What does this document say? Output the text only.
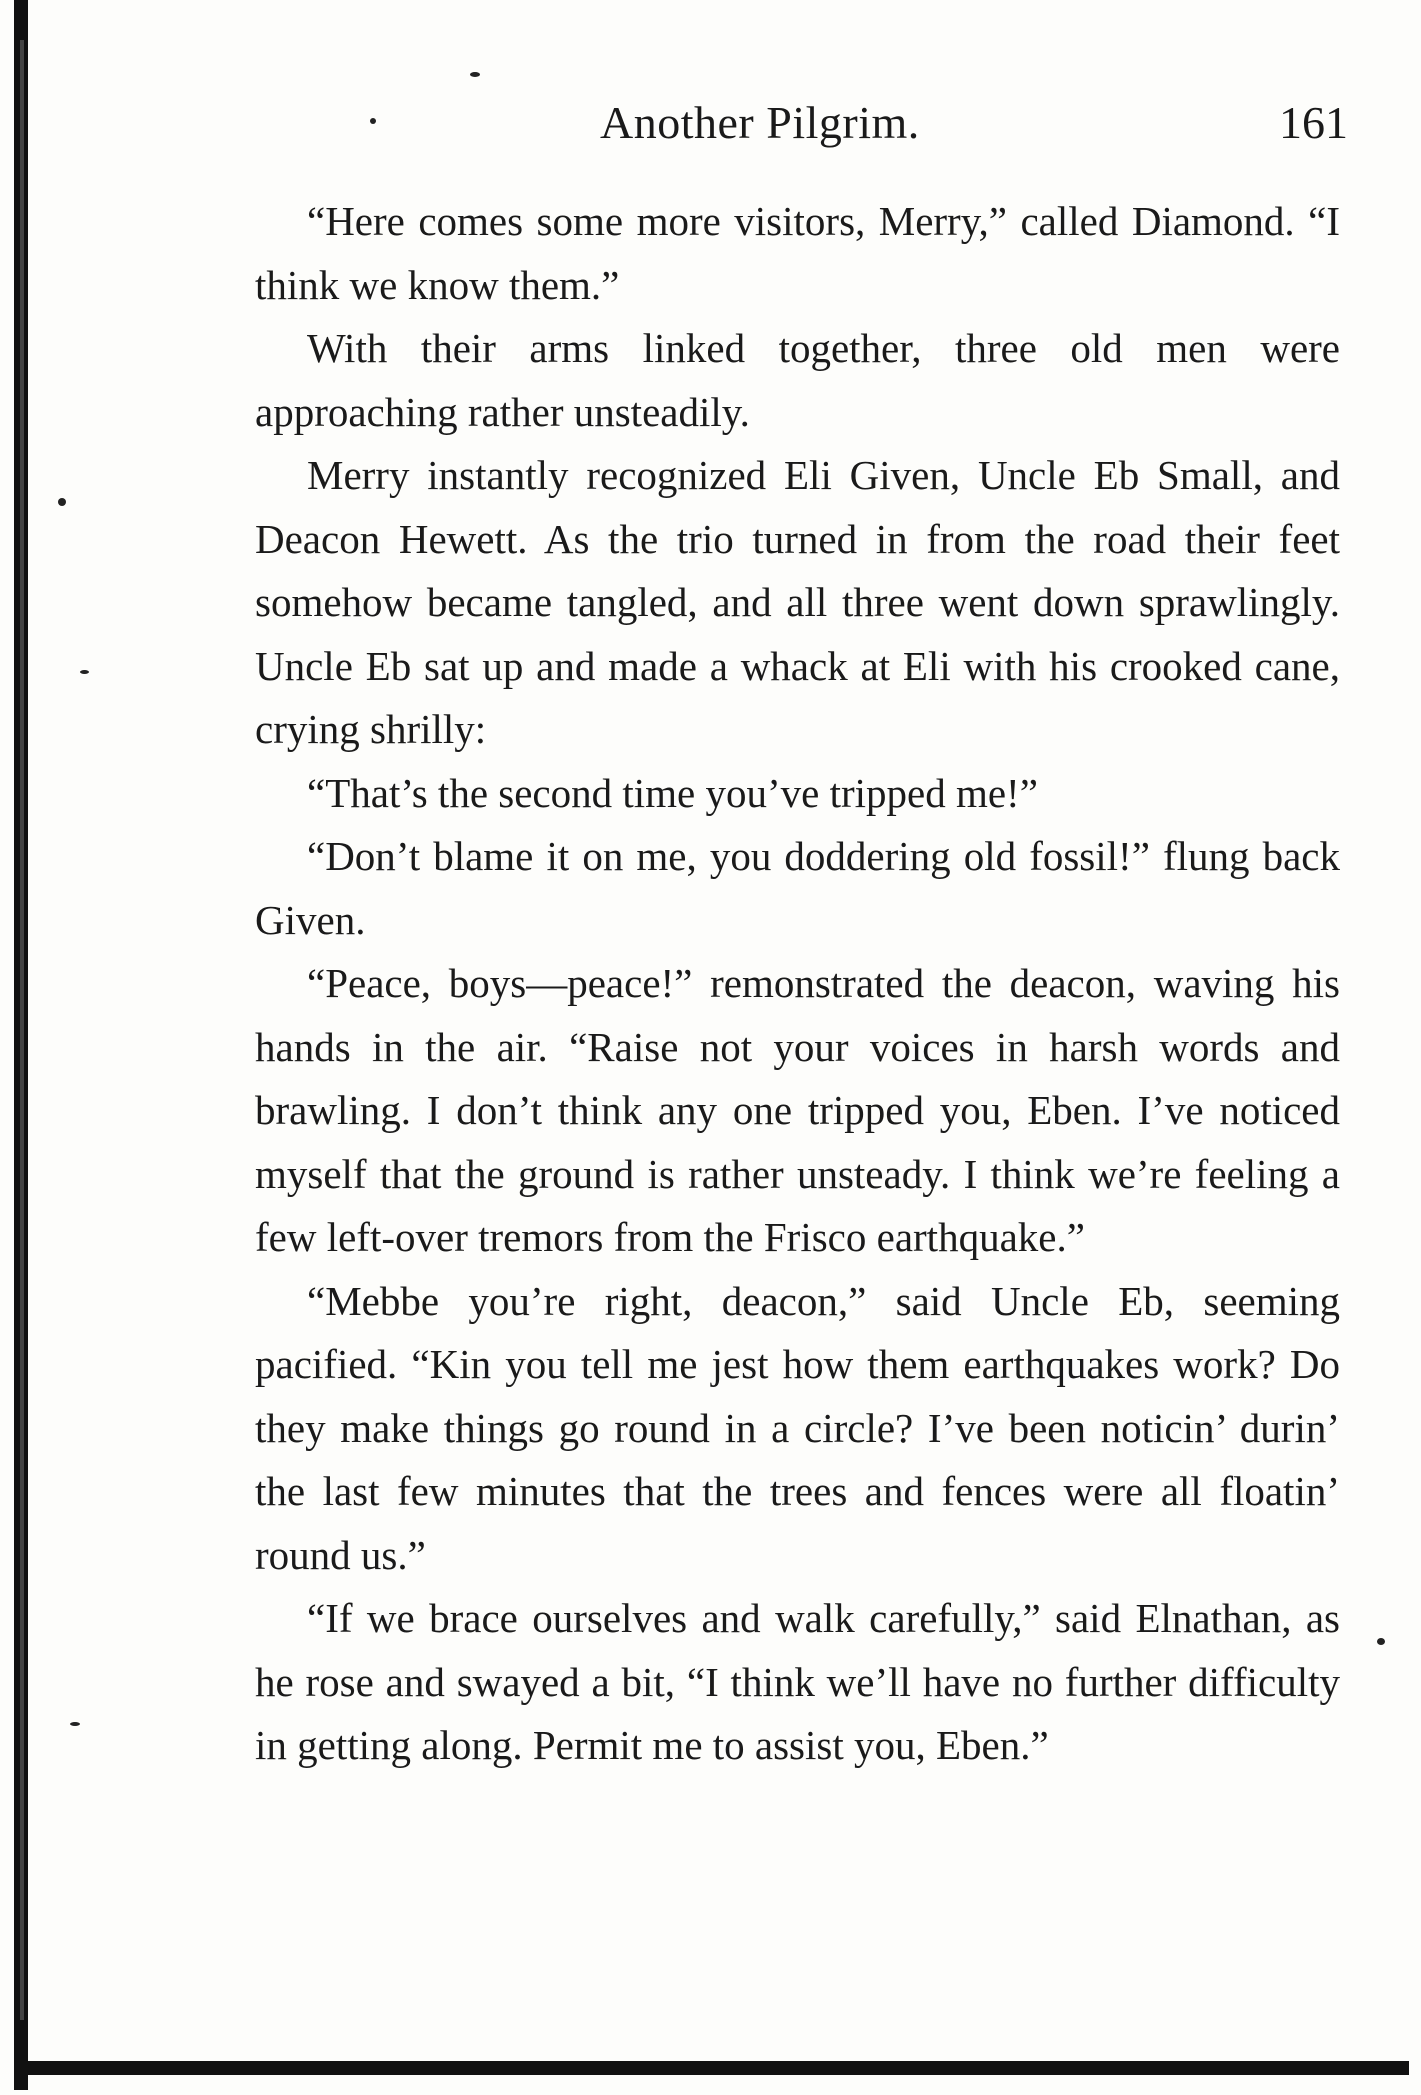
Another Pilgrim.	161

“Here comes some more visitors, Merry,” called Diamond. “I think we know them.”

With their arms linked together, three old men were approaching rather unsteadily.

Merry instantly recognized Eli Given, Uncle Eb Small, and Deacon Hewett. As the trio turned in from the road their feet somehow became tangled, and all three went down sprawlingly. Uncle Eb sat up and made a whack at Eli with his crooked cane, crying shrilly:

“That’s the second time you’ve tripped me!”

“Don’t blame it on me, you doddering old fossil!” flung back Given.

“Peace, boys—peace!” remonstrated the deacon, waving his hands in the air. “Raise not your voices in harsh words and brawling. I don’t think any one tripped you, Eben. I’ve noticed myself that the ground is rather unsteady. I think we’re feeling a few left-over tremors from the Frisco earthquake.”

“Mebbe you’re right, deacon,” said Uncle Eb, seeming pacified. “Kin you tell me jest how them earthquakes work? Do they make things go round in a circle? I’ve been noticin’ durin’ the last few minutes that the trees and fences were all floatin’ round us.”

“If we brace ourselves and walk carefully,” said Elnathan, as he rose and swayed a bit, “I think we’ll have no further difficulty in getting along. Permit me to assist you, Eben.”
